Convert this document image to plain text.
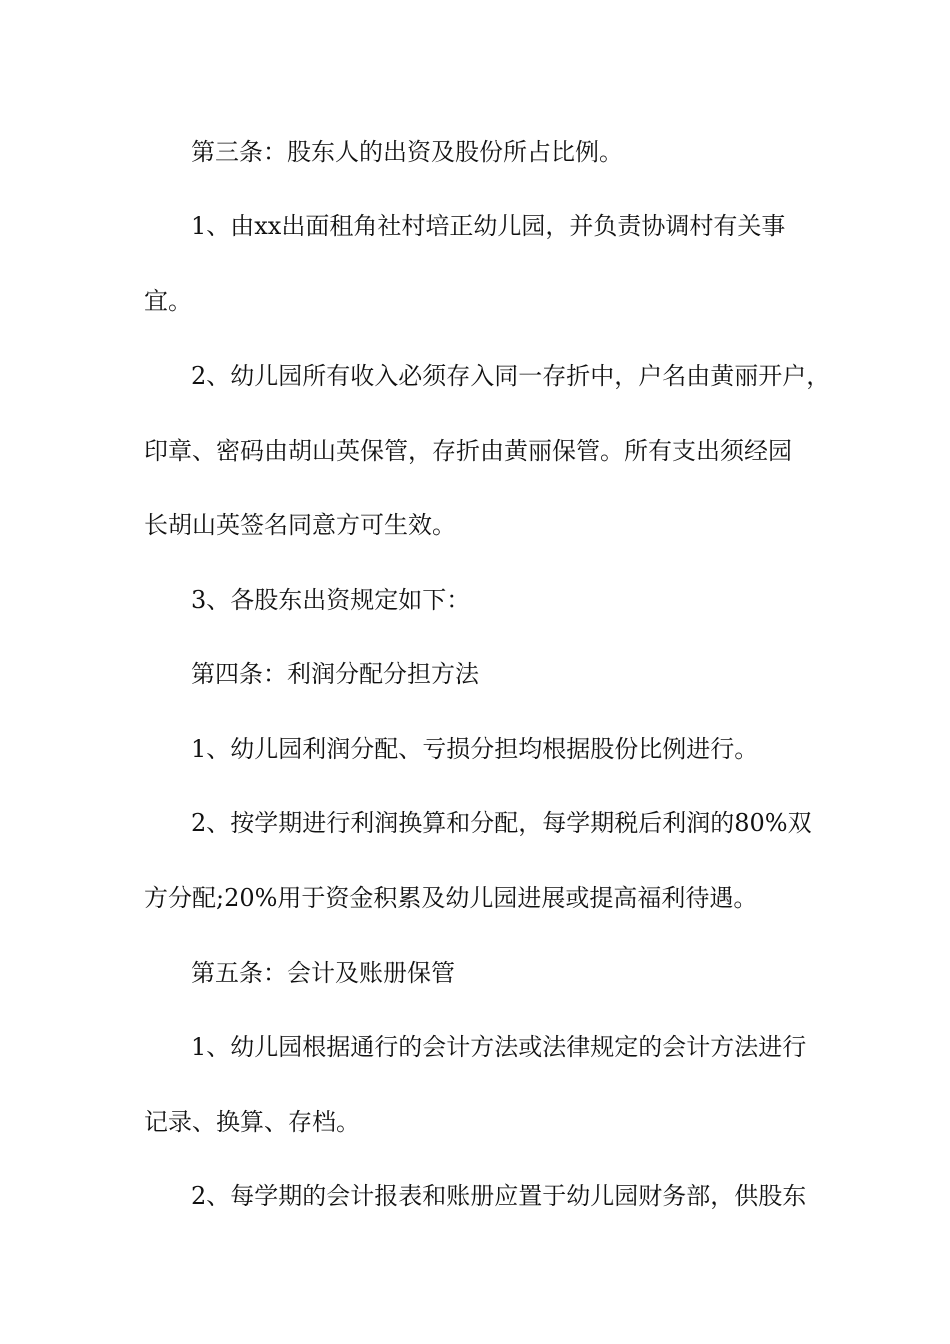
第三条：股东人的出资及股份所占比例。
1、由xx出面租角社村培正幼儿园，并负责协调村有关事
宜。
2、幼儿园所有收入必须存入同一存折中，户名由黄丽开户，
印章、密码由胡山英保管，存折由黄丽保管。所有支出须经园
长胡山英签名同意方可生效。
3、各股东出资规定如下：
第四条：利润分配分担方法
1、幼儿园利润分配、亏损分担均根据股份比例进行。
2、按学期进行利润换算和分配，每学期税后利润的80%双
方分配;20%用于资金积累及幼儿园进展或提高福利待遇。
第五条：会计及账册保管
1、幼儿园根据通行的会计方法或法律规定的会计方法进行
记录、换算、存档。
2、每学期的会计报表和账册应置于幼儿园财务部，供股东
